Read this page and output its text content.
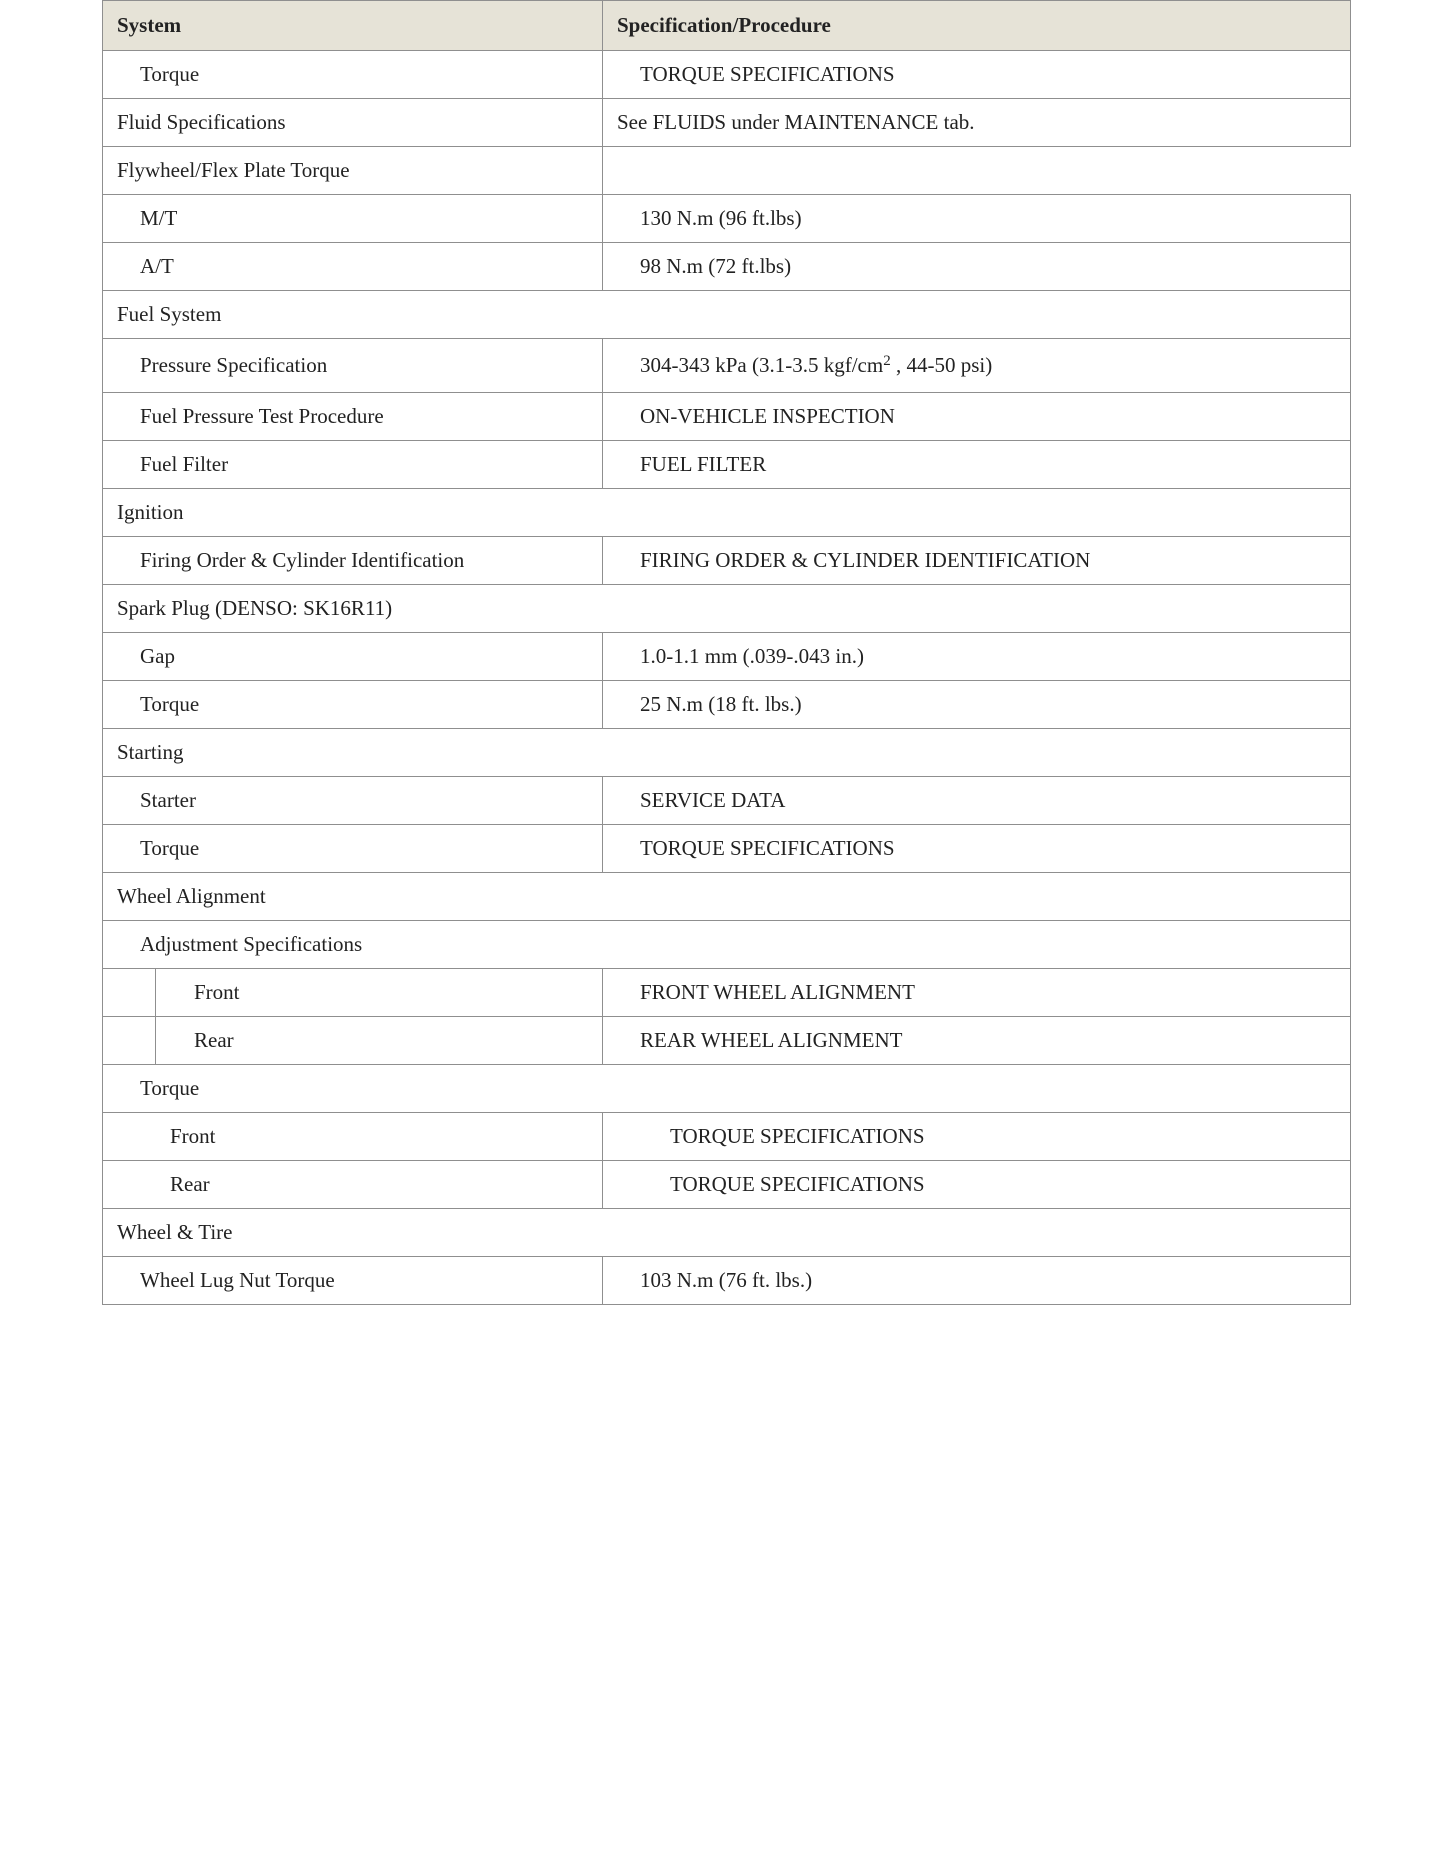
System	Specification/Procedure
Torque	TORQUE SPECIFICATIONS
Fluid Specifications	See FLUIDS under MAINTENANCE tab.
Flywheel/Flex Plate Torque	
M/T	130 N.m (96 ft.lbs)
A/T	98 N.m (72 ft.lbs)
Fuel System	
Pressure Specification	304-343 kPa (3.1-3.5 kgf/$cm^2$ , 44-50 psi)
Fuel Pressure Test Procedure	ON-VEHICLE INSPECTION
Fuel Filter	FUEL FILTER
Ignition	
Firing Order & Cylinder Identification	FIRING ORDER & CYLINDER IDENTIFICATION
Spark Plug (DENSO: SK16R11)	
Gap	1.0-1.1 mm (.039-.043 in.)
Torque	25 N.m (18 ft. lbs.)
Starting	
Starter	SERVICE DATA
Torque	TORQUE SPECIFICATIONS
Wheel Alignment	
Adjustment Specifications	

Front	FRONT WHEEL ALIGNMENT

Rear	REAR WHEEL ALIGNMENT
Torque	
Front	TORQUE SPECIFICATIONS
Rear	TORQUE SPECIFICATIONS
Wheel & Tire	
Wheel Lug Nut Torque	103 N.m (76 ft. lbs.)
